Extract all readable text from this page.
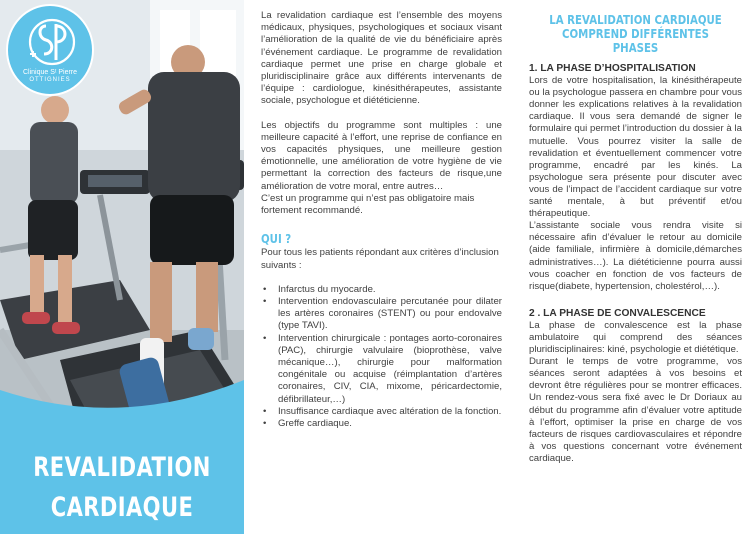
Clinique Sᵗ Pierre
OTTIGNIES
REVALIDATION
CARDIAQUE

La revalidation cardiaque est l’ensemble des moyens médicaux, physiques, psychologiques et sociaux visant l’amélioration de la qualité de vie du bénéficiaire après l’événement cardiaque. Le programme de revalidation cardiaque permet une prise en charge globale et pluridisciplinaire grâce aux différents intervenants de l’équipe : cardiologue, kinésithérapeutes, assistante sociale, psychologue et diététicienne.

Les objectifs du programme sont multiples : une meilleure capacité à l’effort, une reprise de confiance en vos capacités physiques, une meilleure gestion émotionnelle, une amélioration de votre hygiène de vie permettant la correction des facteurs de risque,une amélioration de votre moral, entre autres…

C’est un programme qui n’est pas obligatoire mais fortement recommandé.

QUI ?

Pour tous les patients répondant aux critères d’inclusion suivants :

• Infarctus du myocarde.
• Intervention endovasculaire percutanée pour dilater les artères coronaires (STENT) ou pour endovalve (type TAVI).
• Intervention chirurgicale : pontages aorto-coronaires (PAC), chirurgie valvulaire (bioprothèse, valve mécanique…), chirurgie pour malformation congénitale ou acquise (réimplantation d’artères coronaires, CIV, CIA, mixome, péricardectomie, défibrillateur,…)
• Insuffisance cardiaque avec altération de la fonction.
• Greffe cardiaque.
LA REVALIDATION CARDIAQUE COMPREND DIFFÉRENTES PHASES
1. LA PHASE D’HOSPITALISATION

Lors de votre hospitalisation, la kinésithérapeute ou la psychologue passera en chambre pour vous donner les explications relatives à la revalidation cardiaque. Il vous sera demandé de signer le formulaire qui permet l’introduction du dossier à la mutuelle. Vous pourrez visiter la salle de revalidation et éventuellement commencer votre programme, encadré par les kinés. La psychologue sera présente pour discuter avec vous de l’impact de l’accident cardiaque sur votre santé mentale, à but préventif et/ou thérapeutique.

L’assistante sociale vous rendra visite si nécessaire afin d’évaluer le retour au domicile (aide familiale, infirmière à domicile,démarches administratives…). La diététicienne pourra aussi vous coacher en fonction de vos facteurs de risque(diabete, hypertension, cholestérol,…).

2 . LA PHASE DE CONVALESCENCE

La phase de convalescence est la phase ambulatoire qui comprend des séances pluridisciplinaires: kiné, psychologie et diététique.

Durant le temps de votre programme, vos séances seront adaptées à vos besoins et devront être régulières pour se montrer efficaces. Un rendez-vous sera fixé avec le Dr Doriaux au début du programme afin d’évaluer votre aptitude à l’effort, optimiser la prise en charge de vos facteurs de risques cardiovasculaires et répondre à vos questions concernant votre événement cardiaque.
